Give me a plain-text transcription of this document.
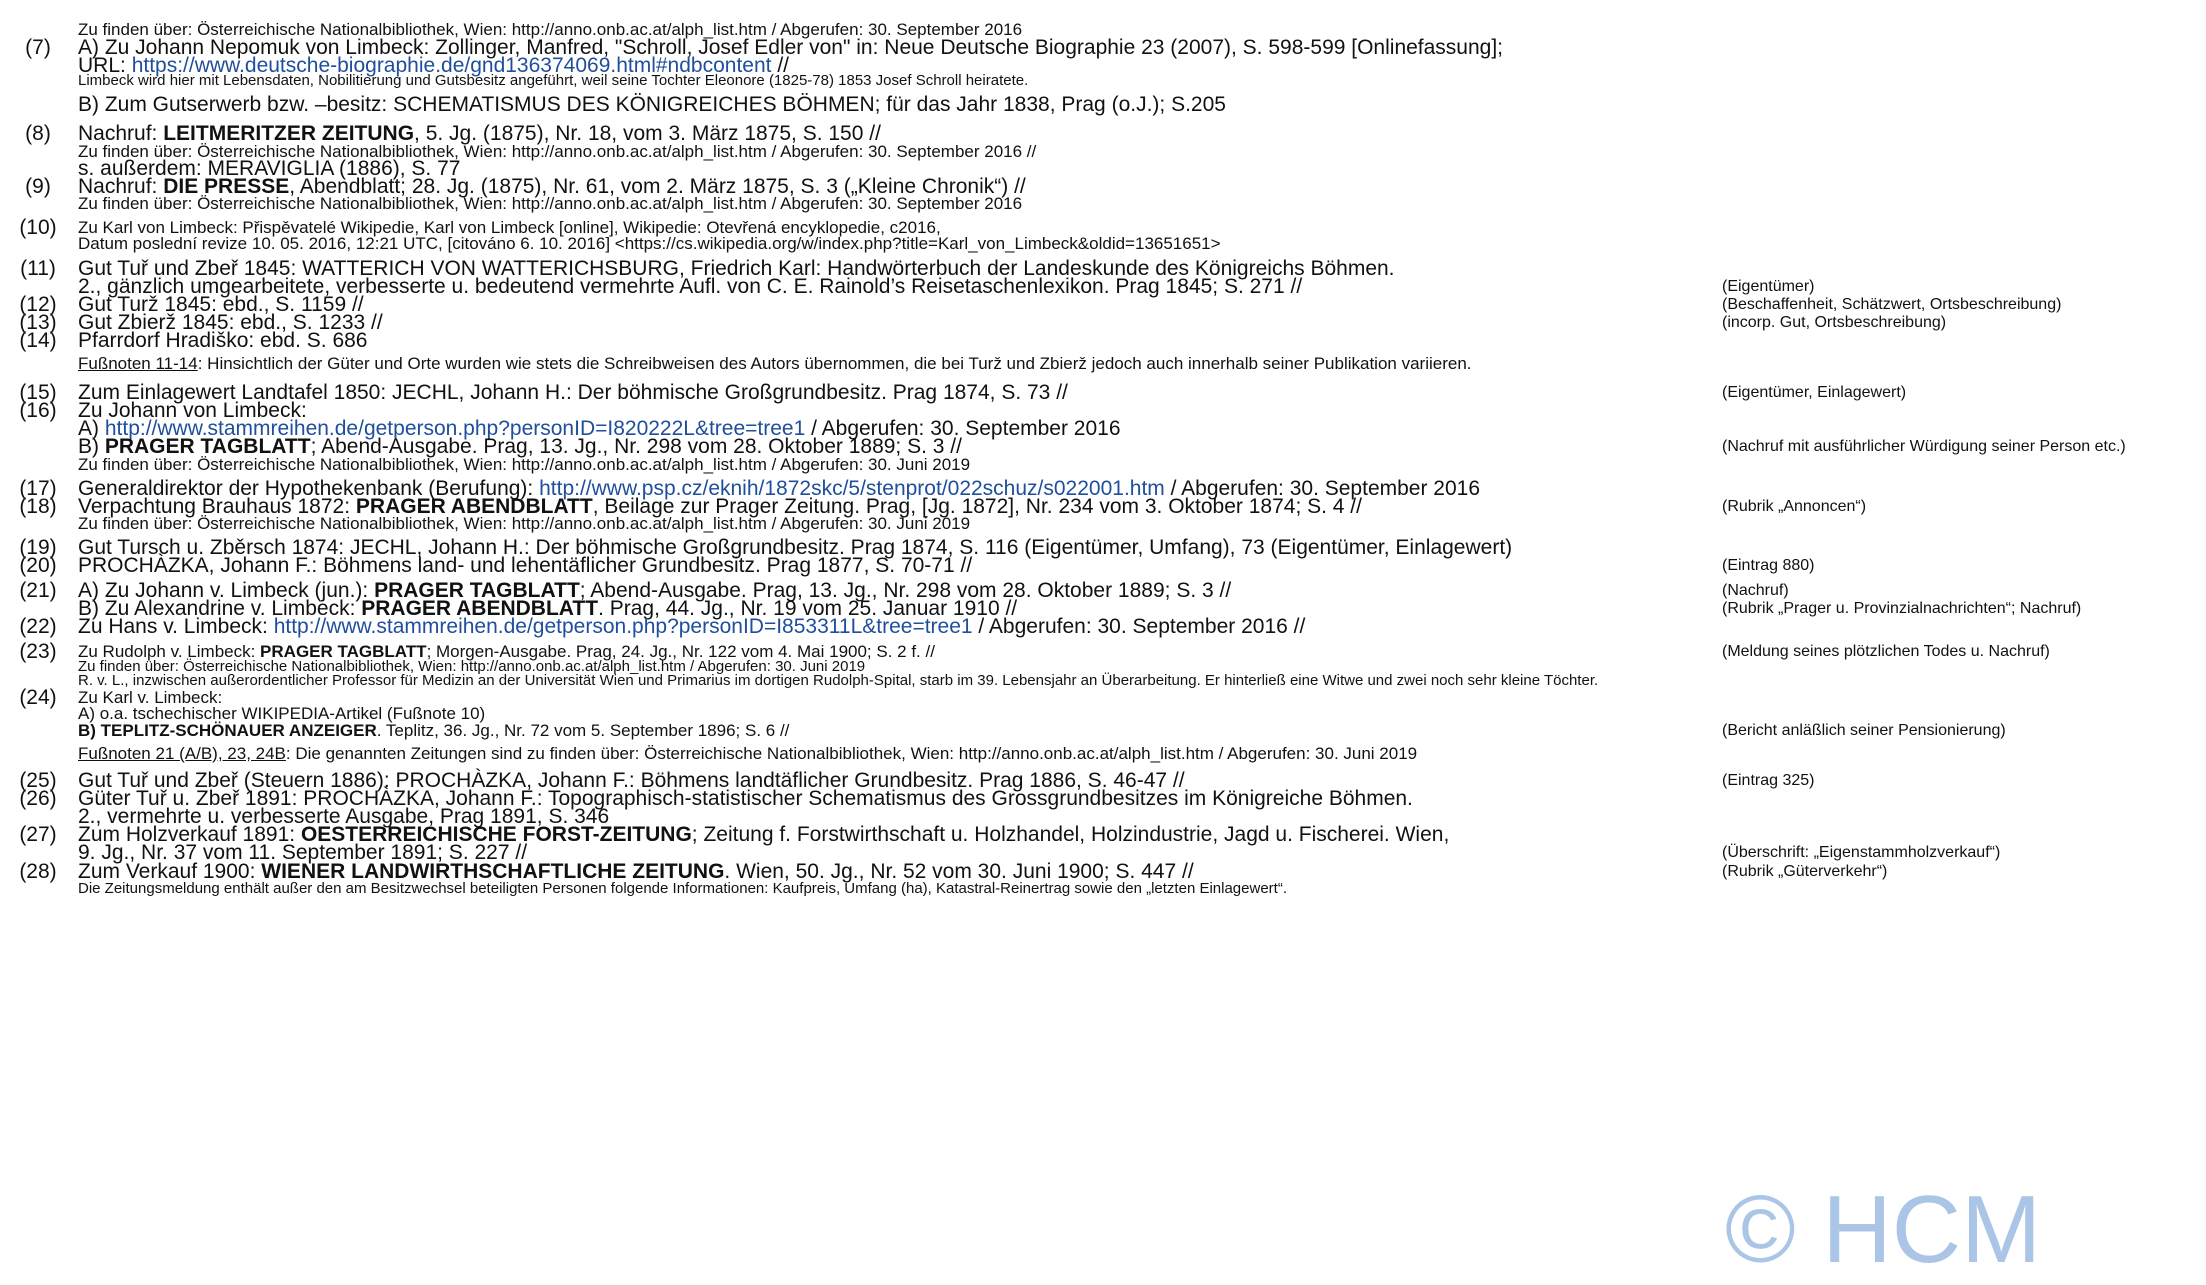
Zu finden über: Österreichische Nationalbibliothek, Wien: http://anno.onb.ac.at/alph_list.htm / Abgerufen: 30. September 2016
(7)	A) Zu Johann Nepomuk von Limbeck: Zollinger, Manfred, "Schroll, Josef Edler von" in: Neue Deutsche Biographie 23 (2007), S. 598-599 [Onlinefassung];
URL: https://www.deutsche-biographie.de/gnd136374069.html#ndbcontent //
Limbeck wird hier mit Lebensdaten, Nobilitierung und Gutsbesitz angeführt, weil seine Tochter Eleonore (1825-78) 1853 Josef Schroll heiratete.
B) Zum Gutserwerb bzw. –besitz: SCHEMATISMUS DES KÖNIGREICHES BÖHMEN; für das Jahr 1838, Prag (o.J.); S.205
(8)	Nachruf: LEITMERITZER ZEITUNG, 5. Jg. (1875), Nr. 18, vom 3. März 1875, S. 150 //
Zu finden über: Österreichische Nationalbibliothek, Wien: http://anno.onb.ac.at/alph_list.htm / Abgerufen: 30. September 2016 //
s. außerdem: MERAVIGLIA (1886), S. 77
(9)	Nachruf: DIE PRESSE, Abendblatt; 28. Jg. (1875), Nr. 61, vom 2. März 1875, S. 3 („Kleine Chronik“) //
Zu finden über: Österreichische Nationalbibliothek, Wien: http://anno.onb.ac.at/alph_list.htm / Abgerufen: 30. September 2016
(10)	Zu Karl von Limbeck: Přispěvatelé Wikipedie, Karl von Limbeck [online], Wikipedie: Otevřená encyklopedie, c2016,
Datum poslední revize 10. 05. 2016, 12:21 UTC, [citováno 6. 10. 2016] <https://cs.wikipedia.org/w/index.php?title=Karl_von_Limbeck&oldid=13651651>
(11) Gut Tuř und Zbeř 1845: WATTERICH VON WATTERICHSBURG, Friedrich Karl: Handwörterbuch der Landeskunde des Königreichs Böhmen.
2., gänzlich umgearbeitete, verbesserte u. bedeutend vermehrte Aufl. von C. E. Rainold’s Reisetaschenlexikon. Prag 1845; S. 271 //	(Eigentümer)
(12) Gut Turž 1845: ebd., S. 1159 //	(Beschaffenheit, Schätzwert, Ortsbeschreibung)
(13) Gut Zbierž 1845: ebd., S. 1233 //	(incorp. Gut, Ortsbeschreibung)
(14) Pfarrdorf Hradiško: ebd. S. 686
Fußnoten 11-14: Hinsichtlich der Güter und Orte wurden wie stets die Schreibweisen des Autors übernommen, die bei Turž und Zbierž jedoch auch innerhalb seiner Publikation variieren.
(15) Zum Einlagewert Landtafel 1850: JECHL, Johann H.: Der böhmische Großgrundbesitz. Prag 1874, S. 73 //	(Eigentümer, Einlagewert)
(16) Zu Johann von Limbeck:
A) http://www.stammreihen.de/getperson.php?personID=I820222L&tree=tree1 / Abgerufen: 30. September 2016
B) PRAGER TAGBLATT; Abend-Ausgabe. Prag, 13. Jg., Nr. 298 vom 28. Oktober 1889; S. 3 //	(Nachruf mit ausführlicher Würdigung seiner Person etc.)
Zu finden über: Österreichische Nationalbibliothek, Wien: http://anno.onb.ac.at/alph_list.htm / Abgerufen: 30. Juni 2019
(17) Generaldirektor der Hypothekenbank (Berufung): http://www.psp.cz/eknih/1872skc/5/stenprot/022schuz/s022001.htm / Abgerufen: 30. September 2016
(18) Verpachtung Brauhaus 1872: PRAGER ABENDBLATT, Beilage zur Prager Zeitung. Prag, [Jg. 1872], Nr. 234 vom 3. Oktober 1874; S. 4 //	(Rubrik „Annoncen“)
Zu finden über: Österreichische Nationalbibliothek, Wien: http://anno.onb.ac.at/alph_list.htm / Abgerufen: 30. Juni 2019
(19) Gut Tursch u. Zběrsch 1874: JECHL, Johann H.: Der böhmische Großgrundbesitz. Prag 1874, S. 116 (Eigentümer, Umfang), 73 (Eigentümer, Einlagewert)
(20) PROCHÀZKA, Johann F.: Böhmens land- und lehentäflicher Grundbesitz. Prag 1877, S. 70-71 //	(Eintrag 880)
(21) A) Zu Johann v. Limbeck (jun.): PRAGER TAGBLATT; Abend-Ausgabe. Prag, 13. Jg., Nr. 298 vom 28. Oktober 1889; S. 3 //	(Nachruf)
B) Zu Alexandrine v. Limbeck: PRAGER ABENDBLATT. Prag, 44. Jg., Nr. 19 vom 25. Januar 1910 //	(Rubrik „Prager u. Provinzialnachrichten“; Nachruf)
(22) Zu Hans v. Limbeck: http://www.stammreihen.de/getperson.php?personID=I853311L&tree=tree1 / Abgerufen: 30. September 2016 //
(23)	Zu Rudolph v. Limbeck: PRAGER TAGBLATT; Morgen-Ausgabe. Prag, 24. Jg., Nr. 122 vom 4. Mai 1900; S. 2 f. //	(Meldung seines plötzlichen Todes u. Nachruf)
Zu finden über: Österreichische Nationalbibliothek, Wien: http://anno.onb.ac.at/alph_list.htm / Abgerufen: 30. Juni 2019
R. v. L., inzwischen außerordentlicher Professor für Medizin an der Universität Wien und Primarius im dortigen Rudolph-Spital, starb im 39. Lebensjahr an Überarbeitung. Er hinterließ eine Witwe und zwei noch sehr kleine Töchter.
(24)	Zu Karl v. Limbeck:
A) o.a. tschechischer WIKIPEDIA-Artikel (Fußnote 10)
B) TEPLITZ-SCHÖNAUER ANZEIGER. Teplitz, 36. Jg., Nr. 72 vom 5. September 1896; S. 6 //	(Bericht anläßlich seiner Pensionierung)
Fußnoten 21 (A/B), 23, 24B: Die genannten Zeitungen sind zu finden über: Österreichische Nationalbibliothek, Wien: http://anno.onb.ac.at/alph_list.htm / Abgerufen: 30. Juni 2019
(25) Gut Tuř und Zbeř (Steuern 1886): PROCHÀZKA, Johann F.: Böhmens landtäflicher Grundbesitz. Prag 1886, S. 46-47 //	(Eintrag 325)
(26) Güter Tuř u. Zbeř 1891: PROCHÀZKA, Johann F.: Topographisch-statistischer Schematismus des Grossgrundbesitzes im Königreiche Böhmen.
2., vermehrte u. verbesserte Ausgabe, Prag 1891, S. 346
(27) Zum Holzverkauf 1891: OESTERREICHISCHE FORST-ZEITUNG; Zeitung f. Forstwirthschaft u. Holzhandel, Holzindustrie, Jagd u. Fischerei. Wien,
9. Jg., Nr. 37 vom 11. September 1891; S. 227 //	(Überschrift: „Eigenstammholzverkauf“)
(28) Zum Verkauf 1900: WIENER LANDWIRTHSCHAFTLICHE ZEITUNG. Wien, 50. Jg., Nr. 52 vom 30. Juni 1900; S. 447 //	(Rubrik „Güterverkehr“)
Die Zeitungsmeldung enthält außer den am Besitzwechsel beteiligten Personen folgende Informationen: Kaufpreis, Umfang (ha), Katastral-Reinertrag sowie den „letzten Einlagewert“.
© HCM
